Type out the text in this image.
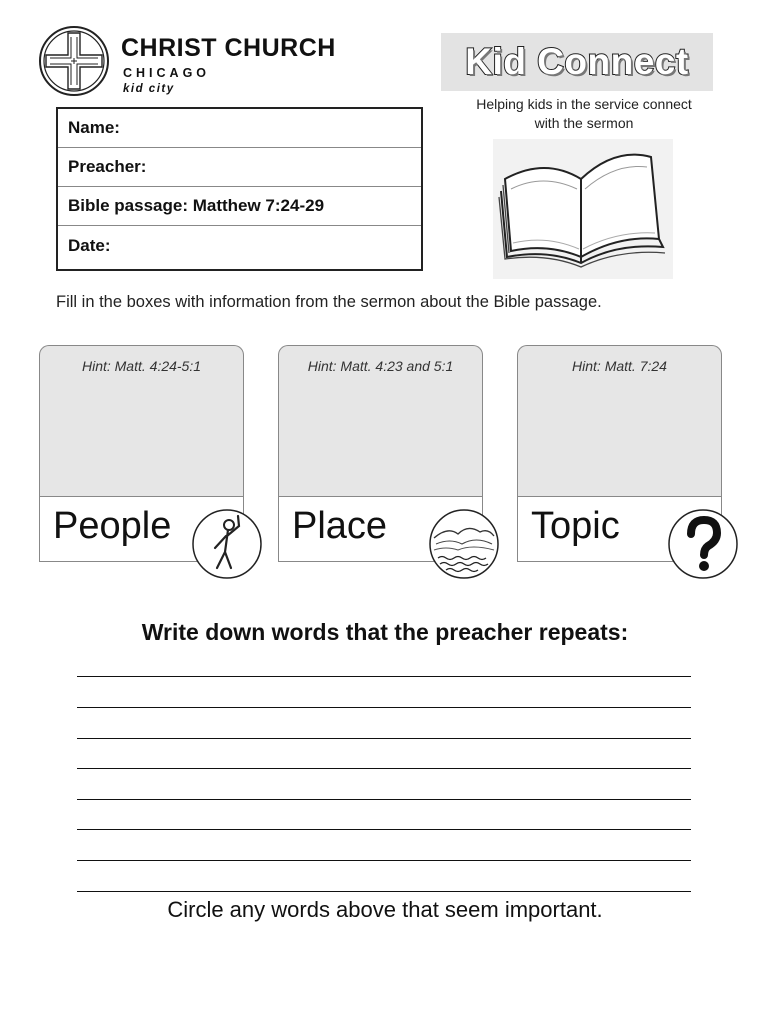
CHRIST CHURCH
CHICAGO
kid city
Kid Connect
Helping kids in the service connect with the sermon
Name:
Preacher:
Bible passage: Matthew 7:24-29
Date:
Fill in the boxes with information from the sermon about the Bible passage.
Hint: Matt. 4:24-5:1
People
Hint: Matt. 4:23 and 5:1
Place
Hint: Matt. 7:24
Topic
Write down words that the preacher repeats:
Circle any words above that seem important.
